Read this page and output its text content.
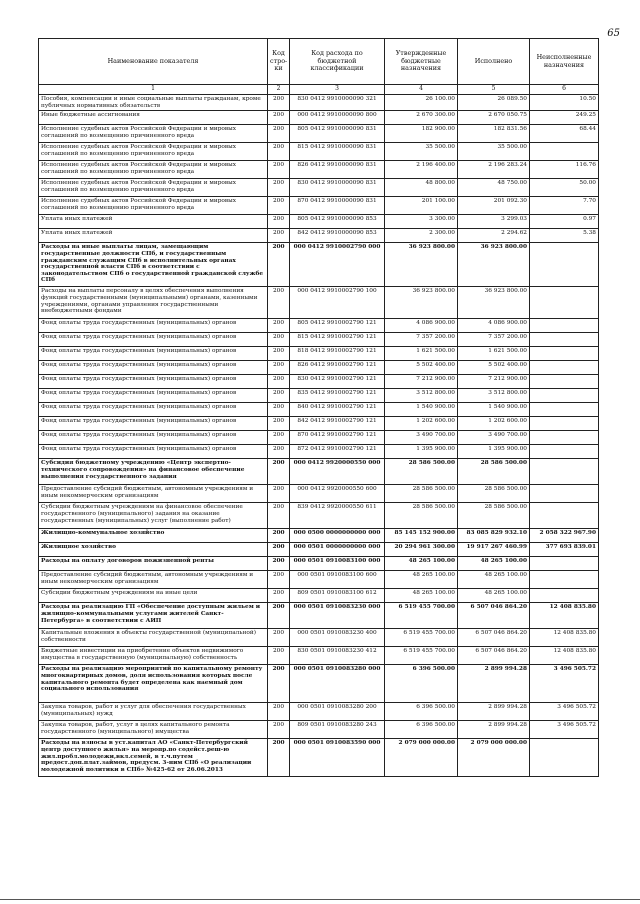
65
Наименование показателя	Код стро-ки	Код расхода по бюджетной классификации	Утвержденные бюджетные назначения	Исполнено	Неисполненные назначения
1	2	3	4	5	6
Пособия, компенсации и иные социальные выплаты гражданам, кроме публичных нормативных обязательств	200	830 0412 9910000090 321	26 100.00	26 089.50	10.50
Иные бюджетные ассигнования	200	000 0412 9910000090 800	2 670 300.00	2 670 050.75	249.25
Исполнение судебных актов Российской Федерации и мировых соглашений по возмещению причиненного вреда	200	805 0412 9910000090 831	182 900.00	182 831.56	68.44
Исполнение судебных актов Российской Федерации и мировых соглашений по возмещению причиненного вреда	200	815 0412 9910000090 831	35 500.00	35 500.00	
Исполнение судебных актов Российской Федерации и мировых соглашений по возмещению причиненного вреда	200	826 0412 9910000090 831	2 196 400.00	2 196 283.24	116.76
Исполнение судебных актов Российской Федерации и мировых соглашений по возмещению причиненного вреда	200	830 0412 9910000090 831	48 800.00	48 750.00	50.00
Исполнение судебных актов Российской Федерации и мировых соглашений по возмещению причиненного вреда	200	870 0412 9910000090 831	201 100.00	201 092.30	7.70
Уплата иных платежей	200	805 0412 9910000090 853	3 300.00	3 299.03	0.97
Уплата иных платежей	200	842 0412 9910000090 853	2 300.00	2 294.62	5.38
Расходы на иные выплаты лицам, замещающим государственные должности СПб, и государственным гражданским служащим СПб в исполнительных органах государственной власти СПб в соответствии с законодательством СПб о государственной гражданской службе СПб	200	000 0412 9910002790 000	36 923 800.00	36 923 800.00	
Расходы на выплаты персоналу в целях обеспечения выполнения функций государственными (муниципальными) органами, казенными учреждениями, органами управления государственными внебюджетными фондами	200	000 0412 9910002790 100	36 923 800.00	36 923 800.00	
Фонд оплаты труда государственных (муниципальных) органов	200	805 0412 9910002790 121	4 086 900.00	4 086 900.00	
Фонд оплаты труда государственных (муниципальных) органов	200	815 0412 9910002790 121	7 357 200.00	7 357 200.00	
Фонд оплаты труда государственных (муниципальных) органов	200	818 0412 9910002790 121	1 621 500.00	1 621 500.00	
Фонд оплаты труда государственных (муниципальных) органов	200	826 0412 9910002790 121	5 502 400.00	5 502 400.00	
Фонд оплаты труда государственных (муниципальных) органов	200	830 0412 9910002790 121	7 212 900.00	7 212 900.00	
Фонд оплаты труда государственных (муниципальных) органов	200	835 0412 9910002790 121	3 512 800.00	3 512 800.00	
Фонд оплаты труда государственных (муниципальных) органов	200	840 0412 9910002790 121	1 540 900.00	1 540 900.00	
Фонд оплаты труда государственных (муниципальных) органов	200	842 0412 9910002790 121	1 202 600.00	1 202 600.00	
Фонд оплаты труда государственных (муниципальных) органов	200	870 0412 9910002790 121	3 490 700.00	3 490 700.00	
Фонд оплаты труда государственных (муниципальных) органов	200	872 0412 9910002790 121	1 395 900.00	1 395 900.00	
Субсидия бюджетному учреждению «Центр экспертно-технического сопровождения» на финансовое обеспечение выполнения государственного задания	200	000 0412 9920000550 000	28 586 500.00	28 586 500.00	
Предоставление субсидий бюджетным, автономным учреждениям и иным некоммерческим организациям	200	000 0412 9920000550 600	28 586 500.00	28 586 500.00	
Субсидии бюджетным учреждениям на финансовое обеспечение государственного (муниципального) задания на оказание государственных (муниципальных) услуг (выполнение работ)	200	839 0412 9920000550 611	28 586 500.00	28 586 500.00	
Жилищно-коммунальное хозяйство	200	000 0500 0000000000 000	85 145 152 900.00	83 085 829 932.10	2 058 322 967.90
Жилищное хозяйство	200	000 0501 0000000000 000	20 294 961 300.00	19 917 267 460.99	377 693 839.01
Расходы на оплату договоров пожизненной ренты	200	000 0501 0910083100 000	48 265 100.00	48 265 100.00	
Предоставление субсидий бюджетным, автономным учреждениям и иным некоммерческим организациям	200	000 0501 0910083100 600	48 265 100.00	48 265 100.00	
Субсидии бюджетным учреждениям на иные цели	200	809 0501 0910083100 612	48 265 100.00	48 265 100.00	
Расходы на реализацию ГП «Обеспечение доступным жильем и жилищно-коммунальными услугами жителей Санкт-Петербурга» в соответствии с АИП	200	000 0501 0910083230 000	6 519 455 700.00	6 507 046 864.20	12 408 835.80
Капитальные вложения в объекты государственной (муниципальной) собственности	200	000 0501 0910083230 400	6 519 455 700.00	6 507 046 864.20	12 408 835.80
Бюджетные инвестиции на приобретение объектов недвижимого имущества в государственную (муниципальную) собственность	200	830 0501 0910083230 412	6 519 455 700.00	6 507 046 864.20	12 408 835.80
Расходы на реализацию мероприятий по капитальному ремонту многоквартирных домов, доля использования которых после капитального ремонта будет определена как наемный дом социального использования	200	000 0501 0910083280 000	6 396 500.00	2 899 994.28	3 496 505.72
Закупка товаров, работ и услуг для обеспечения государственных (муниципальных) нужд	200	000 0501 0910083280 200	6 396 500.00	2 899 994.28	3 496 505.72
Закупка товаров, работ, услуг в целях капитального ремонта государственного (муниципального) имущества	200	809 0501 0910083280 243	6 396 500.00	2 899 994.28	3 496 505.72
Расходы на взносы в уст.капитал АО «Санкт-Петербургский центр доступного жилья» на меропр.по содейст.реш-ю жил.пробл.молодежи,вкл.семей, в т.ч.путем предост.доп.плат.займов, предусм. 3-ним СПб «О реализации молодежной политики в СПб» №425-62 от 26.06.2013	200	000 0501 0910083590 000	2 079 000 000.00	2 079 000 000.00	
